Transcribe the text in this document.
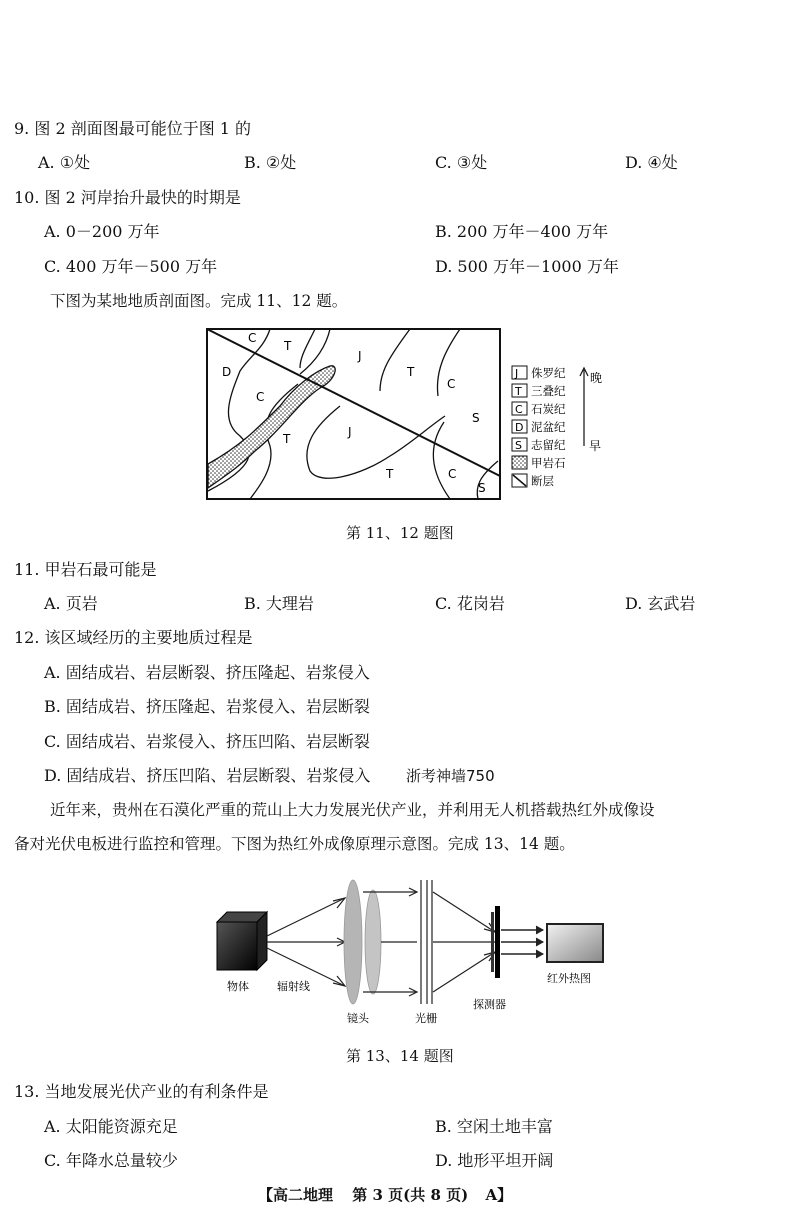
9. 图 2 剖面图最可能位于图 1 的
A. ①处	B. ②处	C. ③处	D. ④处
10. 图 2 河岸抬升最快的时期是
A. 0－200 万年	B. 200 万年－400 万年
C. 400 万年－500 万年	D. 500 万年－1000 万年
下图为某地地质剖面图。完成 11、12 题。
C
T
J
T
C
D
C
S
J
T
T	C
S
J 侏罗纪
T 三叠纪
C 石炭纪
D 泥盆纪
S 志留纪
甲岩石
断层
晚
早
第 11、12 题图
11. 甲岩石最可能是
A. 页岩	B. 大理岩	C. 花岗岩	D. 玄武岩
12. 该区域经历的主要地质过程是
A. 固结成岩、岩层断裂、挤压隆起、岩浆侵入
B. 固结成岩、挤压隆起、岩浆侵入、岩层断裂
C. 固结成岩、岩浆侵入、挤压凹陷、岩层断裂
D. 固结成岩、挤压凹陷、岩层断裂、岩浆侵入 浙考神墙750
近年来，贵州在石漠化严重的荒山上大力发展光伏产业，并利用无人机搭载热红外成像设
备对光伏电板进行监控和管理。下图为热红外成像原理示意图。完成 13、14 题。
物体	辐射线
镜头	光栅
探测器
红外热图
第 13、14 题图
13. 当地发展光伏产业的有利条件是
A. 太阳能资源充足	B. 空闲土地丰富
C. 年降水总量较少	D. 地形平坦开阔
【高二地理 第 3 页(共 8 页) A】
